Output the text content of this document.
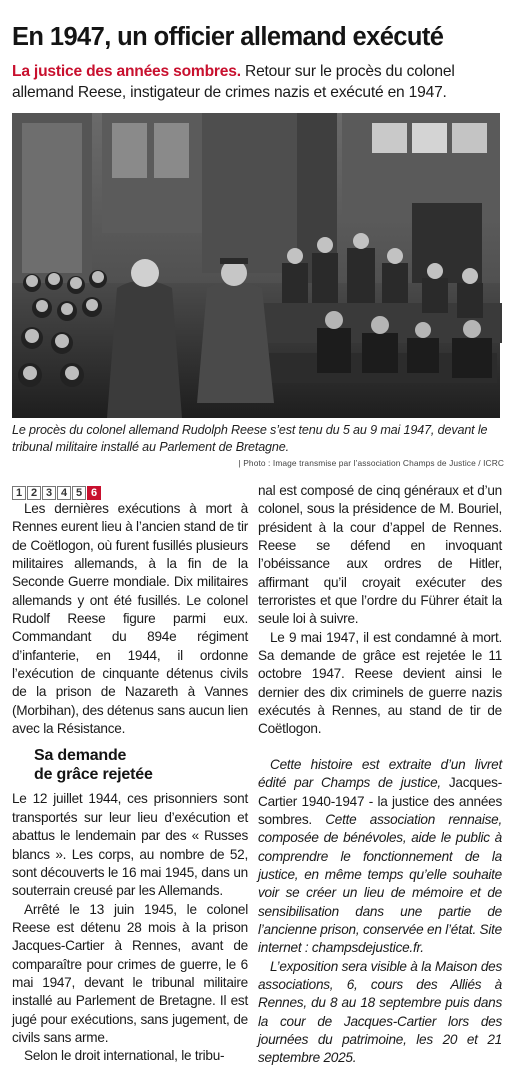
En 1947, un officier allemand exécuté
La justice des années sombres. Retour sur le procès du colonel allemand Reese, instigateur de crimes nazis et exécuté en 1947.
Le procès du colonel allemand Rudolph Reese s’est tenu du 5 au 9 mai 1947, devant le tribunal militaire installé au Parlement de Bretagne.
| Photo : Image transmise par l’association Champs de Justice / ICRC
1 2 3 4 5 6

Les dernières exécutions à mort à Rennes eurent lieu à l’ancien stand de tir de Coëtlogon, où furent fusillés plusieurs militaires allemands, à la fin de la Seconde Guerre mondiale. Dix militaires allemands y ont été fusillés. Le colonel Rudolf Reese figure parmi eux. Commandant du 894e régiment d’infanterie, en 1944, il ordonne l’exécution de cinquante détenus civils de la prison de Nazareth à Vannes (Morbihan), des détenus sans aucun lien avec la Résistance.

Sa demande
de grâce rejetée

Le 12 juillet 1944, ces prisonniers sont transportés sur leur lieu d’exécution et abattus le lendemain par des « Russes blancs ». Les corps, au nombre de 52, sont découverts le 16 mai 1945, dans un souterrain creusé par les Allemands.

Arrêté le 13 juin 1945, le colonel Reese est détenu 28 mois à la prison Jacques-Cartier à Rennes, avant de comparaître pour crimes de guerre, le 6 mai 1947, devant le tribunal militaire installé au Parlement de Bretagne. Il est jugé pour exécutions, sans jugement, de civils sans arme.

Selon le droit international, le tribu-

nal est composé de cinq généraux et d’un colonel, sous la présidence de M. Bouriel, président à la cour d’appel de Rennes. Reese se défend en invoquant l’obéissance aux ordres de Hitler, affirmant qu’il croyait exécuter des terroristes et que l’ordre du Führer était la seule loi à suivre.

Le 9 mai 1947, il est condamné à mort. Sa demande de grâce est rejetée le 11 octobre 1947. Reese devient ainsi le dernier des dix criminels de guerre nazis exécutés à Rennes, au stand de tir de Coëtlogon.

Cette histoire est extraite d’un livret édité par Champs de justice, Jacques-Cartier 1940-1947 - la justice des années sombres. Cette association rennaise, composée de bénévoles, aide le public à comprendre le fonctionnement de la justice, en même temps qu’elle souhaite voir se créer un lieu de mémoire et de sensibilisation dans une partie de l’ancienne prison, conservée en l’état. Site internet : champsdejustice.fr.

L’exposition sera visible à la Maison des associations, 6, cours des Alliés à Rennes, du 8 au 18 septembre puis dans la cour de Jacques-Cartier lors des journées du patrimoine, les 20 et 21 septembre 2025.
